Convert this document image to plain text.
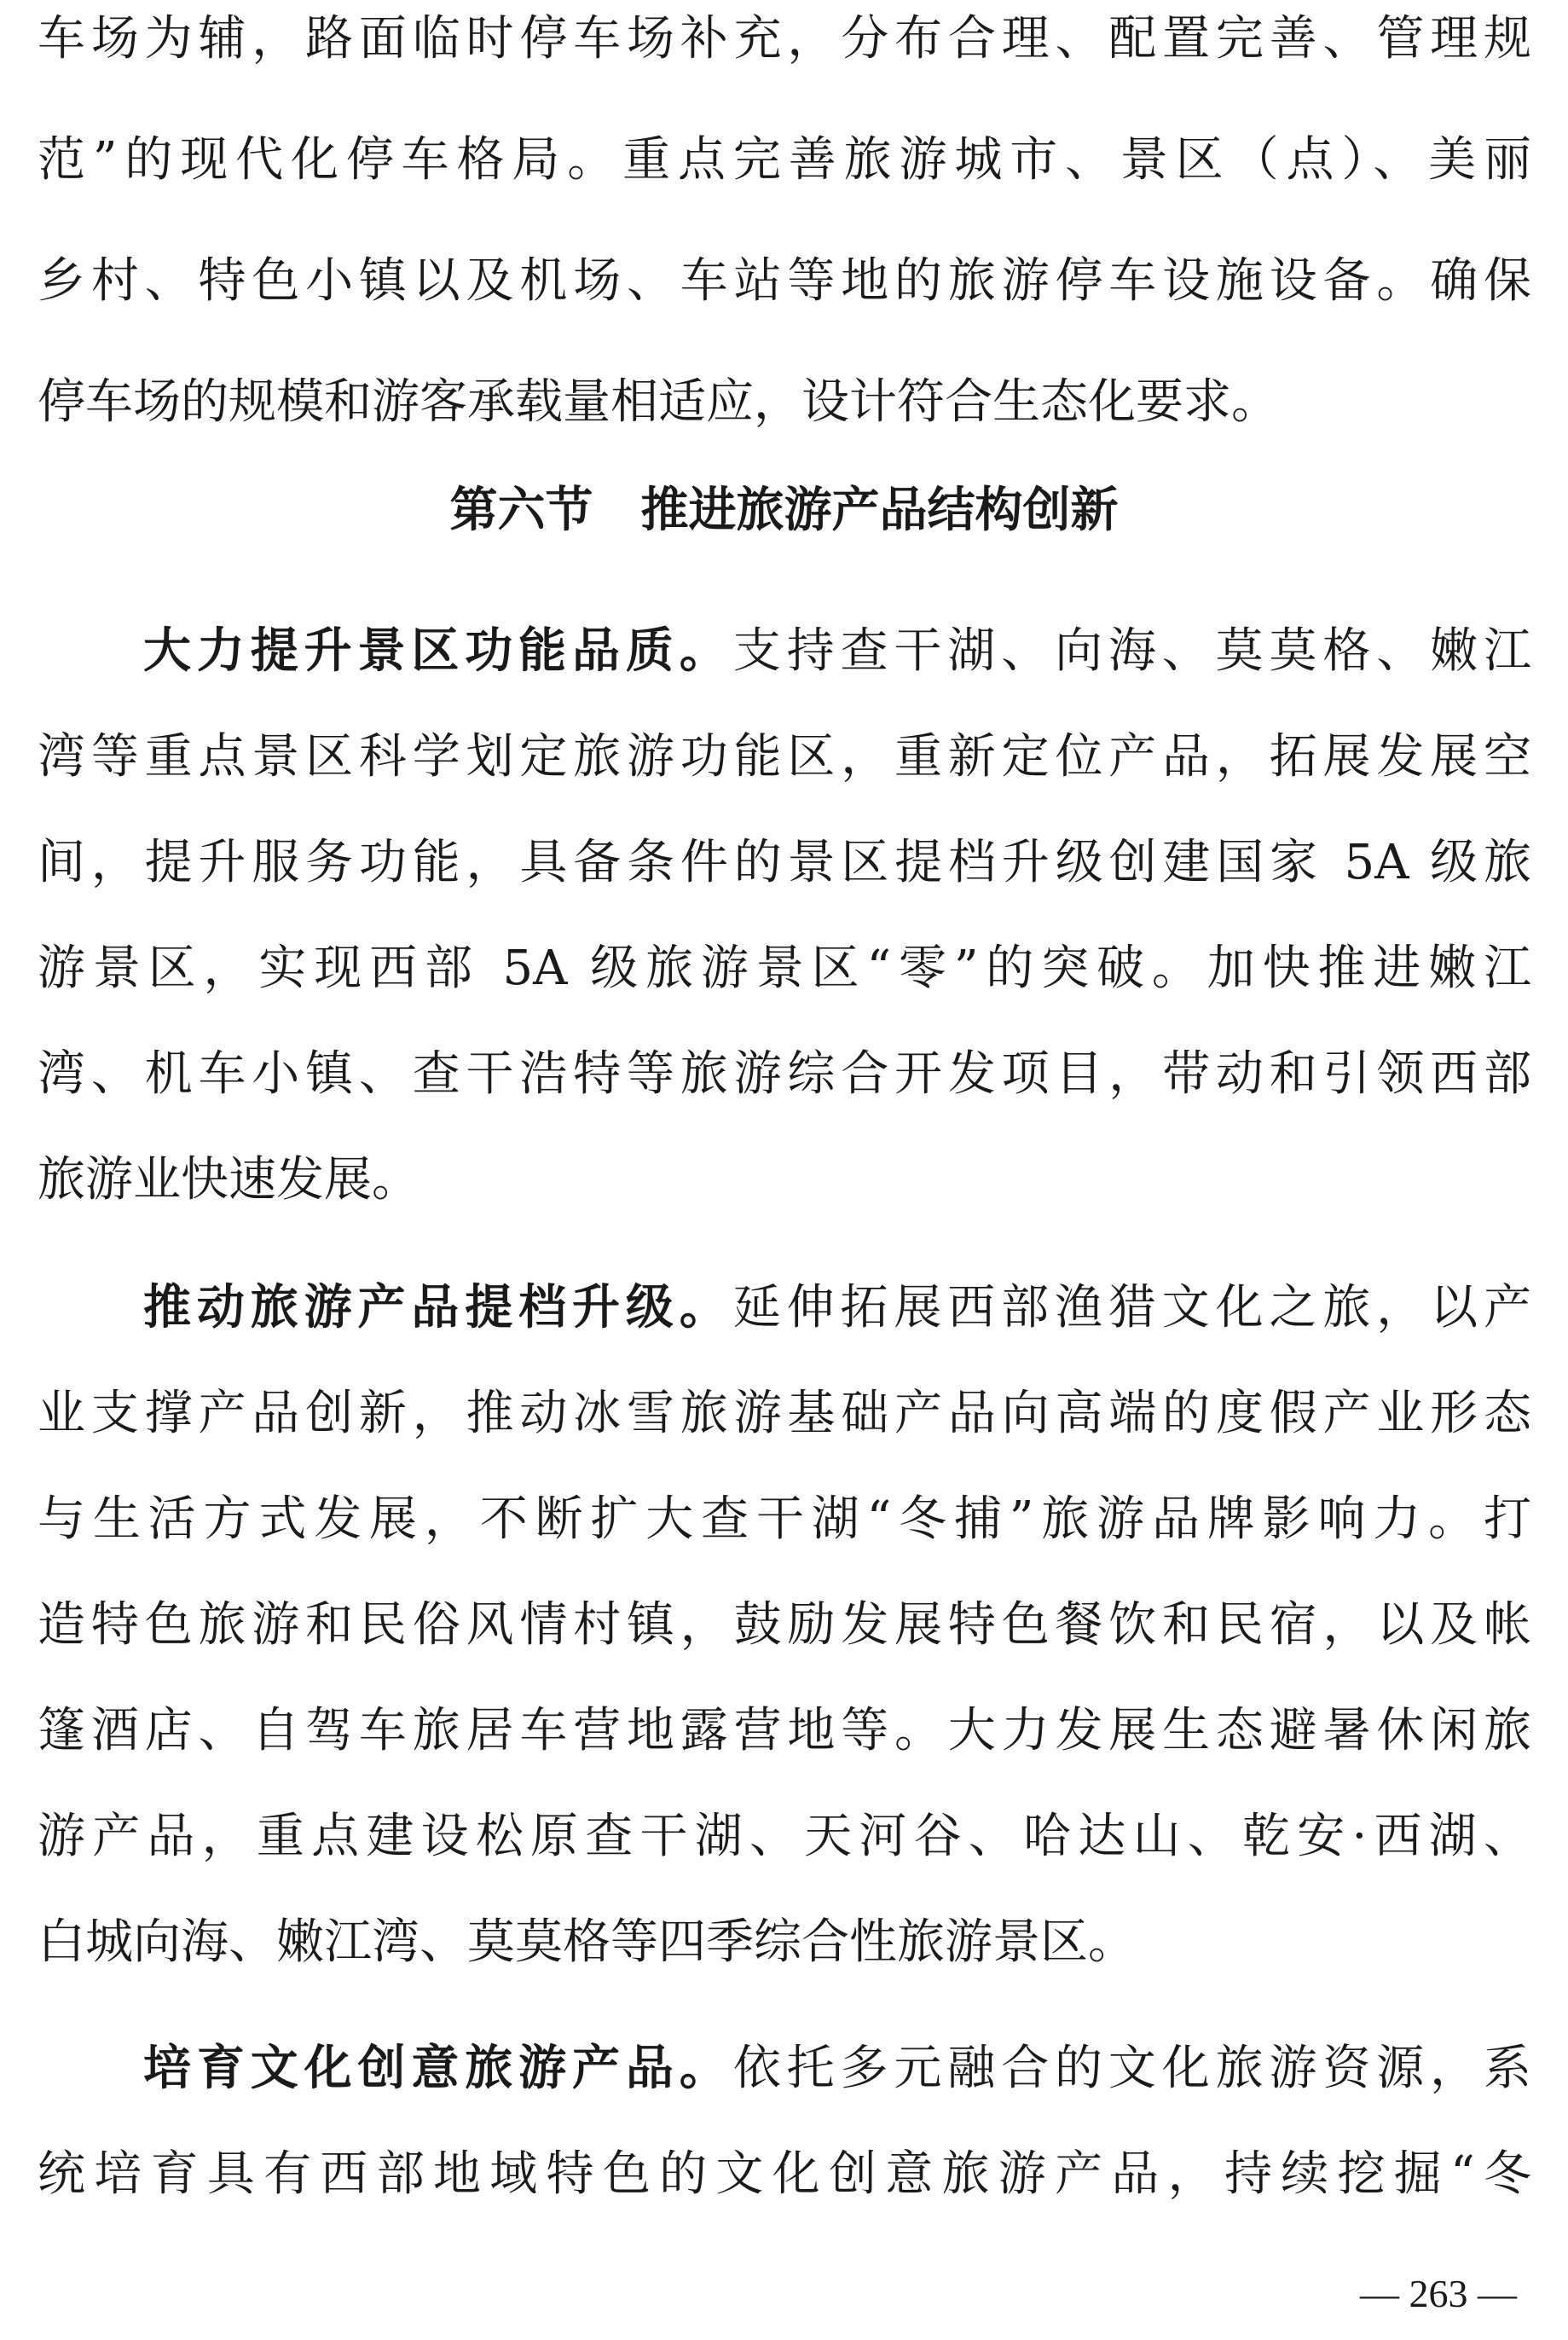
车场为辅，路面临时停车场补充，分布合理、配置完善、管理规
范”的现代化停车格局。重点完善旅游城市、景区（点）、美丽
乡村、特色小镇以及机场、车站等地的旅游停车设施设备。确保
停车场的规模和游客承载量相适应，设计符合生态化要求。
第六节　推进旅游产品结构创新
大力提升景区功能品质。支持查干湖、向海、莫莫格、嫩江
湾等重点景区科学划定旅游功能区，重新定位产品，拓展发展空
间，提升服务功能，具备条件的景区提档升级创建国家 5A 级旅
游景区，实现西部 5A 级旅游景区“零”的突破。加快推进嫩江
湾、机车小镇、查干浩特等旅游综合开发项目，带动和引领西部
旅游业快速发展。
推动旅游产品提档升级。延伸拓展西部渔猎文化之旅，以产
业支撑产品创新，推动冰雪旅游基础产品向高端的度假产业形态
与生活方式发展，不断扩大查干湖“冬捕”旅游品牌影响力。打
造特色旅游和民俗风情村镇，鼓励发展特色餐饮和民宿，以及帐
篷酒店、自驾车旅居车营地露营地等。大力发展生态避暑休闲旅
游产品，重点建设松原查干湖、天河谷、哈达山、乾安·西湖、
白城向海、嫩江湾、莫莫格等四季综合性旅游景区。
培育文化创意旅游产品。依托多元融合的文化旅游资源，系
统培育具有西部地域特色的文化创意旅游产品，持续挖掘“冬
— 263 —
